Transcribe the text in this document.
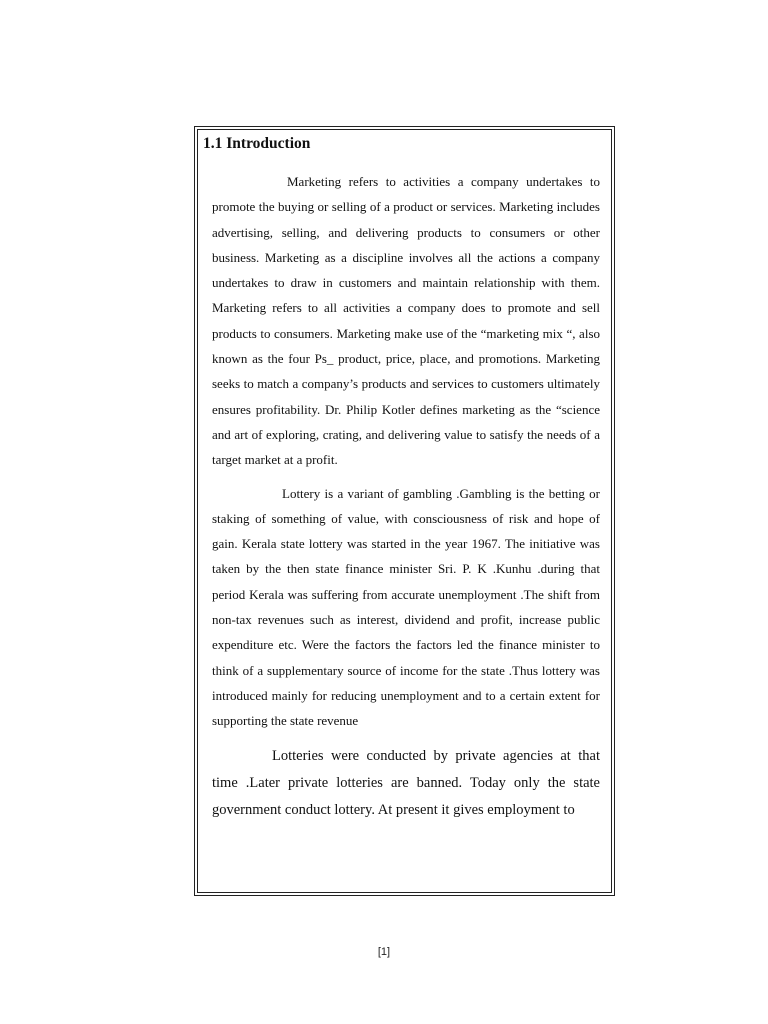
1.1 Introduction

Marketing refers to activities a company undertakes to promote the buying or selling of a product or services. Marketing includes advertising, selling, and delivering products to consumers or other business. Marketing as a discipline involves all the actions a company undertakes to draw in customers and maintain relationship with them. Marketing refers to all activities a company does to promote and sell products to consumers. Marketing make use of the “marketing mix “, also known as the four Ps_ product, price, place, and promotions. Marketing seeks to match a company’s products and services to customers ultimately ensures profitability. Dr. Philip Kotler defines marketing as the “science and art of exploring, crating, and delivering value to satisfy the needs of a target market at a profit.

Lottery is a variant of gambling .Gambling is the betting or staking of something of value, with consciousness of risk and hope of gain. Kerala state lottery was started in the year 1967. The initiative was taken by the then state finance minister Sri. P. K .Kunhu .during that period Kerala was suffering from accurate unemployment .The shift from non-tax revenues such as interest, dividend and profit, increase public expenditure etc. Were the factors the factors led the finance minister to think of a supplementary source of income for the state .Thus lottery was introduced mainly for reducing unemployment and to a certain extent for supporting the state revenue

Lotteries were conducted by private agencies at that time .Later private lotteries are banned. Today only the state government conduct lottery. At present it gives employment to

[1]
